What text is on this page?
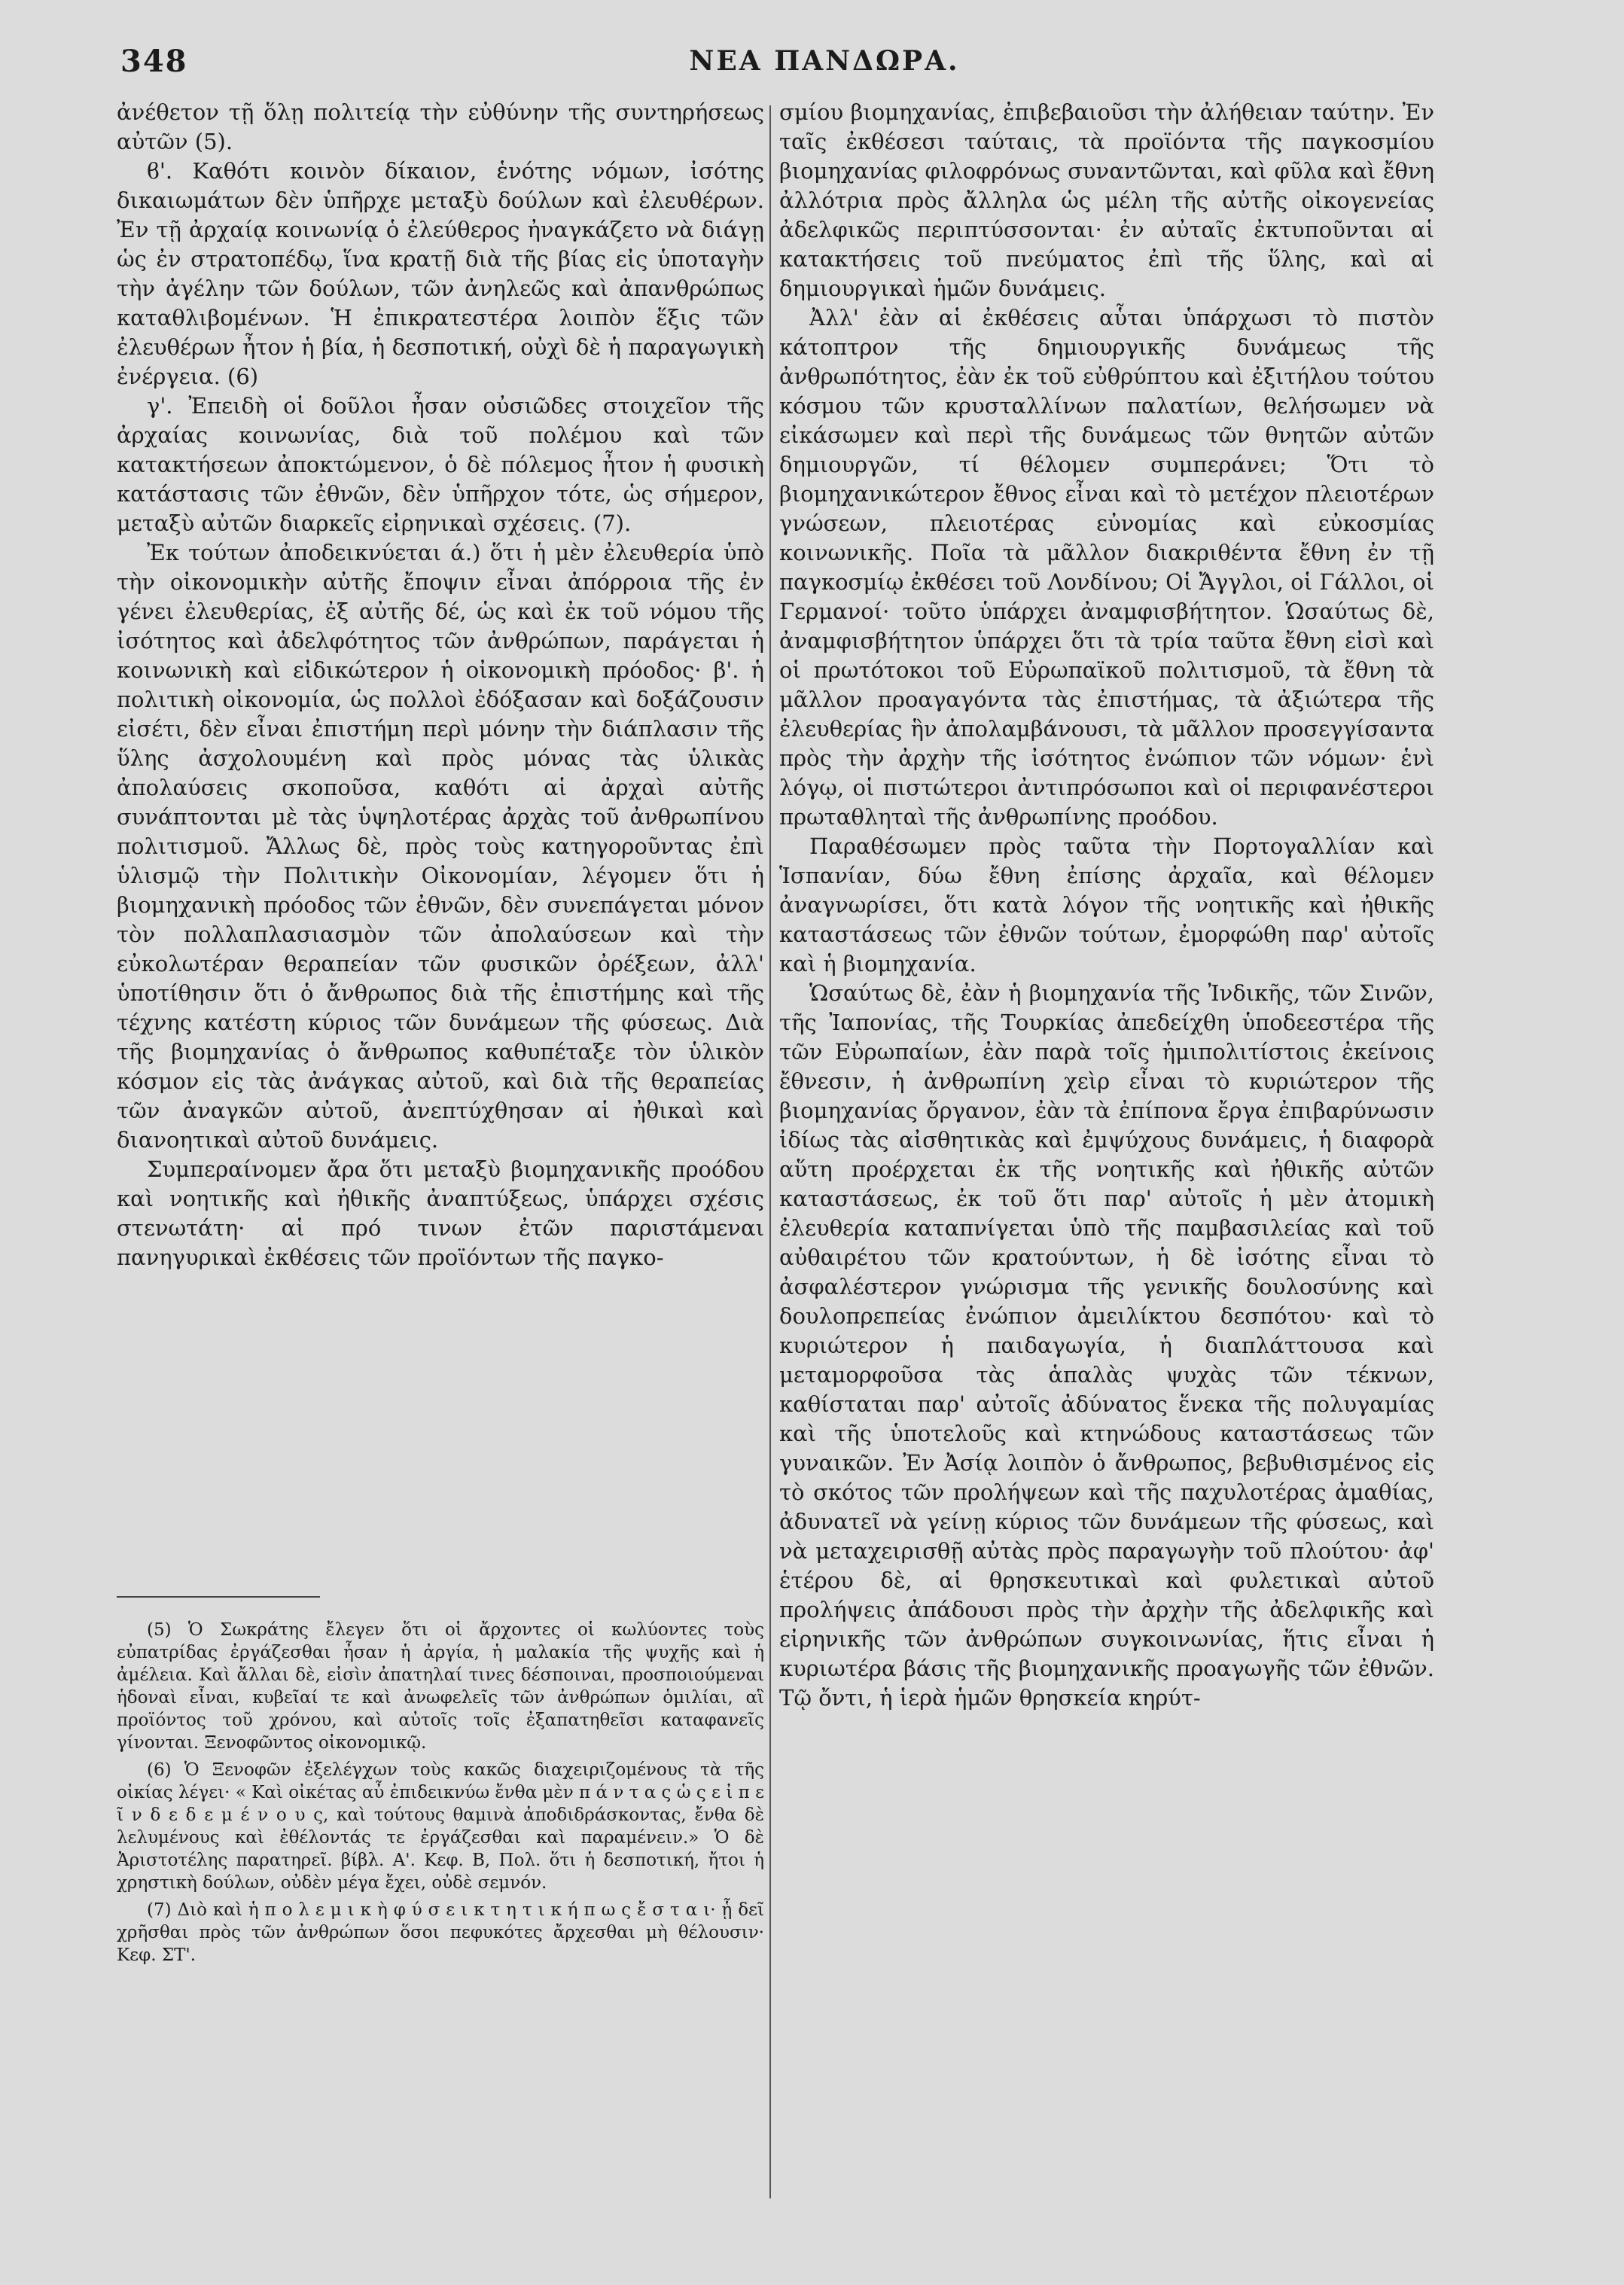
348	ΝΕΑ ΠΑΝΔΩΡΑ.

ἀνέθετον τῇ ὅλῃ πολιτείᾳ τὴν εὐθύνην τῆς συντηρήσεως αὐτῶν (5).

ϐ'. Καθότι κοινὸν δίκαιον, ἑνότης νόμων, ἰσότης δικαιωμάτων δὲν ὑπῆρχε μεταξὺ δούλων καὶ ἐλευθέρων. Ἐν τῇ ἀρχαίᾳ κοινωνίᾳ ὁ ἐλεύθερος ἠναγκάζετο νὰ διάγῃ ὡς ἐν στρατοπέδῳ, ἵνα κρατῇ διὰ τῆς βίας εἰς ὑποταγὴν τὴν ἀγέλην τῶν δούλων, τῶν ἀνηλεῶς καὶ ἀπανθρώπως καταθλιβομένων. Ἡ ἐπικρατεστέρα λοιπὸν ἕξις τῶν ἐλευθέρων ἦτον ἡ βία, ἡ δεσποτική, οὐχὶ δὲ ἡ παραγωγικὴ ἐνέργεια. (6)

γ'. Ἐπειδὴ οἱ δοῦλοι ἦσαν οὐσιῶδες στοιχεῖον τῆς ἀρχαίας κοινωνίας, διὰ τοῦ πολέμου καὶ τῶν κατακτήσεων ἀποκτώμενον, ὁ δὲ πόλεμος ἦτον ἡ φυσικὴ κατάστασις τῶν ἐθνῶν, δὲν ὑπῆρχον τότε, ὡς σήμερον, μεταξὺ αὐτῶν διαρκεῖς εἰρηνικαὶ σχέσεις. (7).

Ἐκ τούτων ἀποδεικνύεται ά.) ὅτι ἡ μὲν ἐλευθερία ὑπὸ τὴν οἰκονομικὴν αὐτῆς ἔποψιν εἶναι ἀπόρροια τῆς ἐν γένει ἐλευθερίας, ἐξ αὐτῆς δέ, ὡς καὶ ἐκ τοῦ νόμου τῆς ἰσότητος καὶ ἀδελφότητος τῶν ἀνθρώπων, παράγεται ἡ κοινωνικὴ καὶ εἰδικώτερον ἡ οἰκονομικὴ πρόοδος· β'. ἡ πολιτικὴ οἰκονομία, ὡς πολλοὶ ἐδόξασαν καὶ δοξάζουσιν εἰσέτι, δὲν εἶναι ἐπιστήμη περὶ μόνην τὴν διάπλασιν τῆς ὕλης ἀσχολουμένη καὶ πρὸς μόνας τὰς ὑλικὰς ἀπολαύσεις σκοποῦσα, καθότι αἱ ἀρχαὶ αὐτῆς συνάπτονται μὲ τὰς ὑψηλοτέρας ἀρχὰς τοῦ ἀνθρωπίνου πολιτισμοῦ. Ἄλλως δὲ, πρὸς τοὺς κατηγοροῦντας ἐπὶ ὑλισμῷ τὴν Πολιτικὴν Οἰκονομίαν, λέγομεν ὅτι ἡ βιομηχανικὴ πρόοδος τῶν ἐθνῶν, δὲν συνεπάγεται μόνον τὸν πολλαπλασιασμὸν τῶν ἀπολαύσεων καὶ τὴν εὐκολωτέραν θεραπείαν τῶν φυσικῶν ὀρέξεων, ἀλλ' ὑποτίθησιν ὅτι ὁ ἄνθρωπος διὰ τῆς ἐπιστήμης καὶ τῆς τέχνης κατέστη κύριος τῶν δυνάμεων τῆς φύσεως. Διὰ τῆς βιομηχανίας ὁ ἄνθρωπος καθυπέταξε τὸν ὑλικὸν κόσμον εἰς τὰς ἀνάγκας αὐτοῦ, καὶ διὰ τῆς θεραπείας τῶν ἀναγκῶν αὐτοῦ, ἀνεπτύχθησαν αἱ ἠθικαὶ καὶ διανοητικαὶ αὐτοῦ δυνάμεις.

Συμπεραίνομεν ἄρα ὅτι μεταξὺ βιομηχανικῆς προόδου καὶ νοητικῆς καὶ ἠθικῆς ἀναπτύξεως, ὑπάρχει σχέσις στενωτάτη· αἱ πρό τινων ἐτῶν παριστάμεναι πανηγυρικαὶ ἐκθέσεις τῶν προϊόντων τῆς παγκο-

(5) Ὁ Σωκράτης ἔλεγεν ὅτι οἱ ἄρχοντες οἱ κωλύοντες τοὺς εὐπατρίδας ἐργάζεσθαι ἦσαν ἡ ἀργία, ἡ μαλακία τῆς ψυχῆς καὶ ἡ ἀμέλεια. Καὶ ἄλλαι δὲ, εἰσὶν ἀπατηλαί τινες δέσποιναι, προσποιούμεναι ἡδοναὶ εἶναι, κυβεῖαί τε καὶ ἀνωφελεῖς τῶν ἀνθρώπων ὁμιλίαι, αἳ προϊόντος τοῦ χρόνου, καὶ αὐτοῖς τοῖς ἐξαπατηθεῖσι καταφανεῖς γίνονται. Ξενοφῶντος οἰκονομικῷ.

(6) Ὁ Ξενοφῶν ἐξελέγχων τοὺς κακῶς διαχειριζομένους τὰ τῆς οἰκίας λέγει· « Καὶ οἰκέτας αὖ ἐπιδεικνύω ἔνθα μὲν π ά ν τ α ς ὡ ς ε ἰ π ε ῖ ν δ ε δ ε μ έ ν ο υ ς, καὶ τούτους θαμινὰ ἀποδιδράσκοντας, ἔνθα δὲ λελυμένους καὶ ἐθέλοντάς τε ἐργάζεσθαι καὶ παραμένειν.» Ὁ δὲ Ἀριστοτέλης παρατηρεῖ. βίβλ. Α'. Κεφ. Β, Πολ. ὅτι ἡ δεσποτική, ἤτοι ἡ χρηστικὴ δούλων, οὐδὲν μέγα ἔχει, οὐδὲ σεμνόν.

(7) Διὸ καὶ ἡ π ο λ ε μ ι κ ὴ φ ύ σ ε ι κ τ η τ ι κ ή π ω ς ἔ σ τ α ι· ᾗ δεῖ χρῆσθαι πρὸς τῶν ἀνθρώπων ὅσοι πεφυκότες ἄρχεσθαι μὴ θέλουσιν· Κεφ. ΣΤ'.

σμίου βιομηχανίας, ἐπιβεβαιοῦσι τὴν ἀλήθειαν ταύτην. Ἐν ταῖς ἐκθέσεσι ταύταις, τὰ προϊόντα τῆς παγκοσμίου βιομηχανίας φιλοφρόνως συναντῶνται, καὶ φῦλα καὶ ἔθνη ἀλλότρια πρὸς ἄλληλα ὡς μέλη τῆς αὐτῆς οἰκογενείας ἀδελφικῶς περιπτύσσονται· ἐν αὐταῖς ἐκτυποῦνται αἱ κατακτήσεις τοῦ πνεύματος ἐπὶ τῆς ὕλης, καὶ αἱ δημιουργικαὶ ἡμῶν δυνάμεις.

Ἀλλ' ἐὰν αἱ ἐκθέσεις αὗται ὑπάρχωσι τὸ πιστὸν κάτοπτρον τῆς δημιουργικῆς δυνάμεως τῆς ἀνθρωπότητος, ἐὰν ἐκ τοῦ εὐθρύπτου καὶ ἐξιτήλου τούτου κόσμου τῶν κρυσταλλίνων παλατίων, θελήσωμεν νὰ εἰκάσωμεν καὶ περὶ τῆς δυνάμεως τῶν θνητῶν αὐτῶν δημιουργῶν, τί θέλομεν συμπεράνει; Ὅτι τὸ βιομηχανικώτερον ἔθνος εἶναι καὶ τὸ μετέχον πλειοτέρων γνώσεων, πλειοτέρας εὐνομίας καὶ εὐκοσμίας κοινωνικῆς. Ποῖα τὰ μᾶλλον διακριθέντα ἔθνη ἐν τῇ παγκοσμίῳ ἐκθέσει τοῦ Λονδίνου; Οἱ Ἄγγλοι, οἱ Γάλλοι, οἱ Γερμανοί· τοῦτο ὑπάρχει ἀναμφισβήτητον. Ὡσαύτως δὲ, ἀναμφισβήτητον ὑπάρχει ὅτι τὰ τρία ταῦτα ἔθνη εἰσὶ καὶ οἱ πρωτότοκοι τοῦ Εὐρωπαϊκοῦ πολιτισμοῦ, τὰ ἔθνη τὰ μᾶλλον προαγαγόντα τὰς ἐπιστήμας, τὰ ἀξιώτερα τῆς ἐλευθερίας ἣν ἀπολαμβάνουσι, τὰ μᾶλλον προσεγγίσαντα πρὸς τὴν ἀρχὴν τῆς ἰσότητος ἐνώπιον τῶν νόμων· ἑνὶ λόγῳ, οἱ πιστώτεροι ἀντιπρόσωποι καὶ οἱ περιφανέστεροι πρωταθληταὶ τῆς ἀνθρωπίνης προόδου.

Παραθέσωμεν πρὸς ταῦτα τὴν Πορτογαλλίαν καὶ Ἱσπανίαν, δύω ἔθνη ἐπίσης ἀρχαῖα, καὶ θέλομεν ἀναγνωρίσει, ὅτι κατὰ λόγον τῆς νοητικῆς καὶ ἠθικῆς καταστάσεως τῶν ἐθνῶν τούτων, ἐμορφώθη παρ' αὐτοῖς καὶ ἡ βιομηχανία.

Ὡσαύτως δὲ, ἐὰν ἡ βιομηχανία τῆς Ἰνδικῆς, τῶν Σινῶν, τῆς Ἰαπονίας, τῆς Τουρκίας ἀπεδείχθη ὑποδεεστέρα τῆς τῶν Εὐρωπαίων, ἐὰν παρὰ τοῖς ἡμιπολιτίστοις ἐκείνοις ἔθνεσιν, ἡ ἀνθρωπίνη χεὶρ εἶναι τὸ κυριώτερον τῆς βιομηχανίας ὄργανον, ἐὰν τὰ ἐπίπονα ἔργα ἐπιβαρύνωσιν ἰδίως τὰς αἰσθητικὰς καὶ ἐμψύχους δυνάμεις, ἡ διαφορὰ αὕτη προέρχεται ἐκ τῆς νοητικῆς καὶ ἠθικῆς αὐτῶν καταστάσεως, ἐκ τοῦ ὅτι παρ' αὐτοῖς ἡ μὲν ἀτομικὴ ἐλευθερία καταπνίγεται ὑπὸ τῆς παμβασιλείας καὶ τοῦ αὐθαιρέτου τῶν κρατούντων, ἡ δὲ ἰσότης εἶναι τὸ ἀσφαλέστερον γνώρισμα τῆς γενικῆς δουλοσύνης καὶ δουλοπρεπείας ἐνώπιον ἀμειλίκτου δεσπότου· καὶ τὸ κυριώτερον ἡ παιδαγωγία, ἡ διαπλάττουσα καὶ μεταμορφοῦσα τὰς ἁπαλὰς ψυχὰς τῶν τέκνων, καθίσταται παρ' αὐτοῖς ἀδύνατος ἕνεκα τῆς πολυγαμίας καὶ τῆς ὑποτελοῦς καὶ κτηνώδους καταστάσεως τῶν γυναικῶν. Ἐν Ἀσίᾳ λοιπὸν ὁ ἄνθρωπος, βεβυθισμένος εἰς τὸ σκότος τῶν προλήψεων καὶ τῆς παχυλοτέρας ἀμαθίας, ἀδυνατεῖ νὰ γείνῃ κύριος τῶν δυνάμεων τῆς φύσεως, καὶ νὰ μεταχειρισθῇ αὐτὰς πρὸς παραγωγὴν τοῦ πλούτου· ἀφ' ἑτέρου δὲ, αἱ θρησκευτικαὶ καὶ φυλετικαὶ αὐτοῦ προλήψεις ἀπάδουσι πρὸς τὴν ἀρχὴν τῆς ἀδελφικῆς καὶ εἰρηνικῆς τῶν ἀνθρώπων συγκοινωνίας, ἥτις εἶναι ἡ κυριωτέρα βάσις τῆς βιομηχανικῆς προαγωγῆς τῶν ἐθνῶν. Τῷ ὄντι, ἡ ἱερὰ ἡμῶν θρησκεία κηρύτ-
